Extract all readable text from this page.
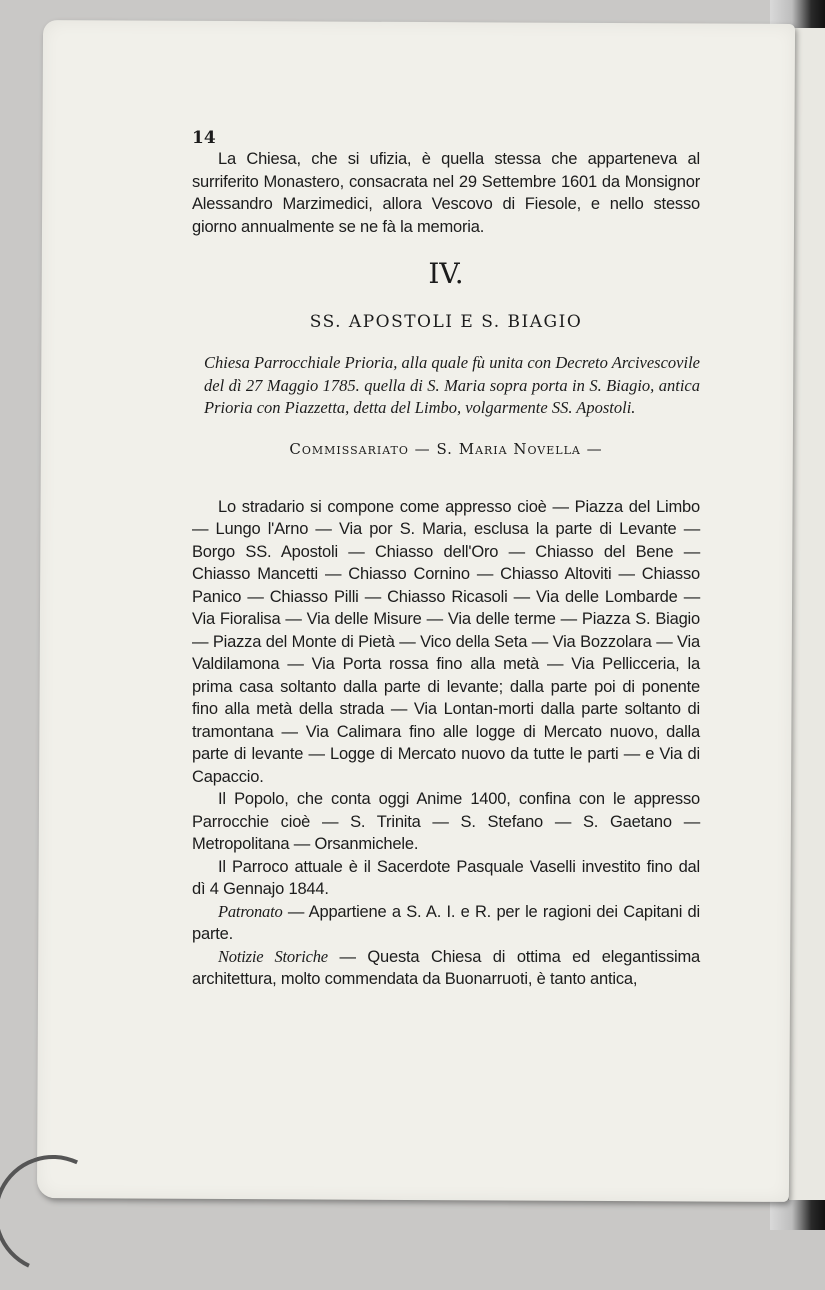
14

La Chiesa, che si ufizia, è quella stessa che apparteneva al surriferito Monastero, consacrata nel 29 Settembre 1601 da Monsignor Alessandro Marzimedici, allora Vescovo di Fiesole, e nello stesso giorno annualmente se ne fà la memoria.

IV.
SS. APOSTOLI E S. BIAGIO

Chiesa Parrocchiale Prioria, alla quale fù unita con Decreto Arcivescovile del dì 27 Maggio 1785. quella di S. Maria sopra porta in S. Biagio, antica Prioria con Piazzetta, detta del Limbo, volgarmente SS. Apostoli.

Commissariato — S. Maria Novella —

Lo stradario si compone come appresso cioè — Piazza del Limbo — Lungo l'Arno — Via por S. Maria, esclusa la parte di Levante — Borgo SS. Apostoli — Chiasso dell'Oro — Chiasso del Bene — Chiasso Mancetti — Chiasso Cornino — Chiasso Altoviti — Chiasso Panico — Chiasso Pilli — Chiasso Ricasoli — Via delle Lombarde — Via Fioralisa — Via delle Misure — Via delle terme — Piazza S. Biagio — Piazza del Monte di Pietà — Vico della Seta — Via Bozzolara — Via Valdilamona — Via Porta rossa fino alla metà — Via Pellicceria, la prima casa soltanto dalla parte di levante; dalla parte poi di ponente fino alla metà della strada — Via Lontan-morti dalla parte soltanto di tramontana — Via Calimara fino alle logge di Mercato nuovo, dalla parte di levante — Logge di Mercato nuovo da tutte le parti — e Via di Capaccio.

Il Popolo, che conta oggi Anime 1400, confina con le appresso Parrocchie cioè — S. Trinita — S. Stefano — S. Gaetano — Metropolitana — Orsanmichele.

Il Parroco attuale è il Sacerdote Pasquale Vaselli investito fino dal dì 4 Gennajo 1844.

Patronato — Appartiene a S. A. I. e R. per le ragioni dei Capitani di parte.

Notizie Storiche — Questa Chiesa di ottima ed elegantissima architettura, molto commendata da Buonarruoti, è tanto antica,
